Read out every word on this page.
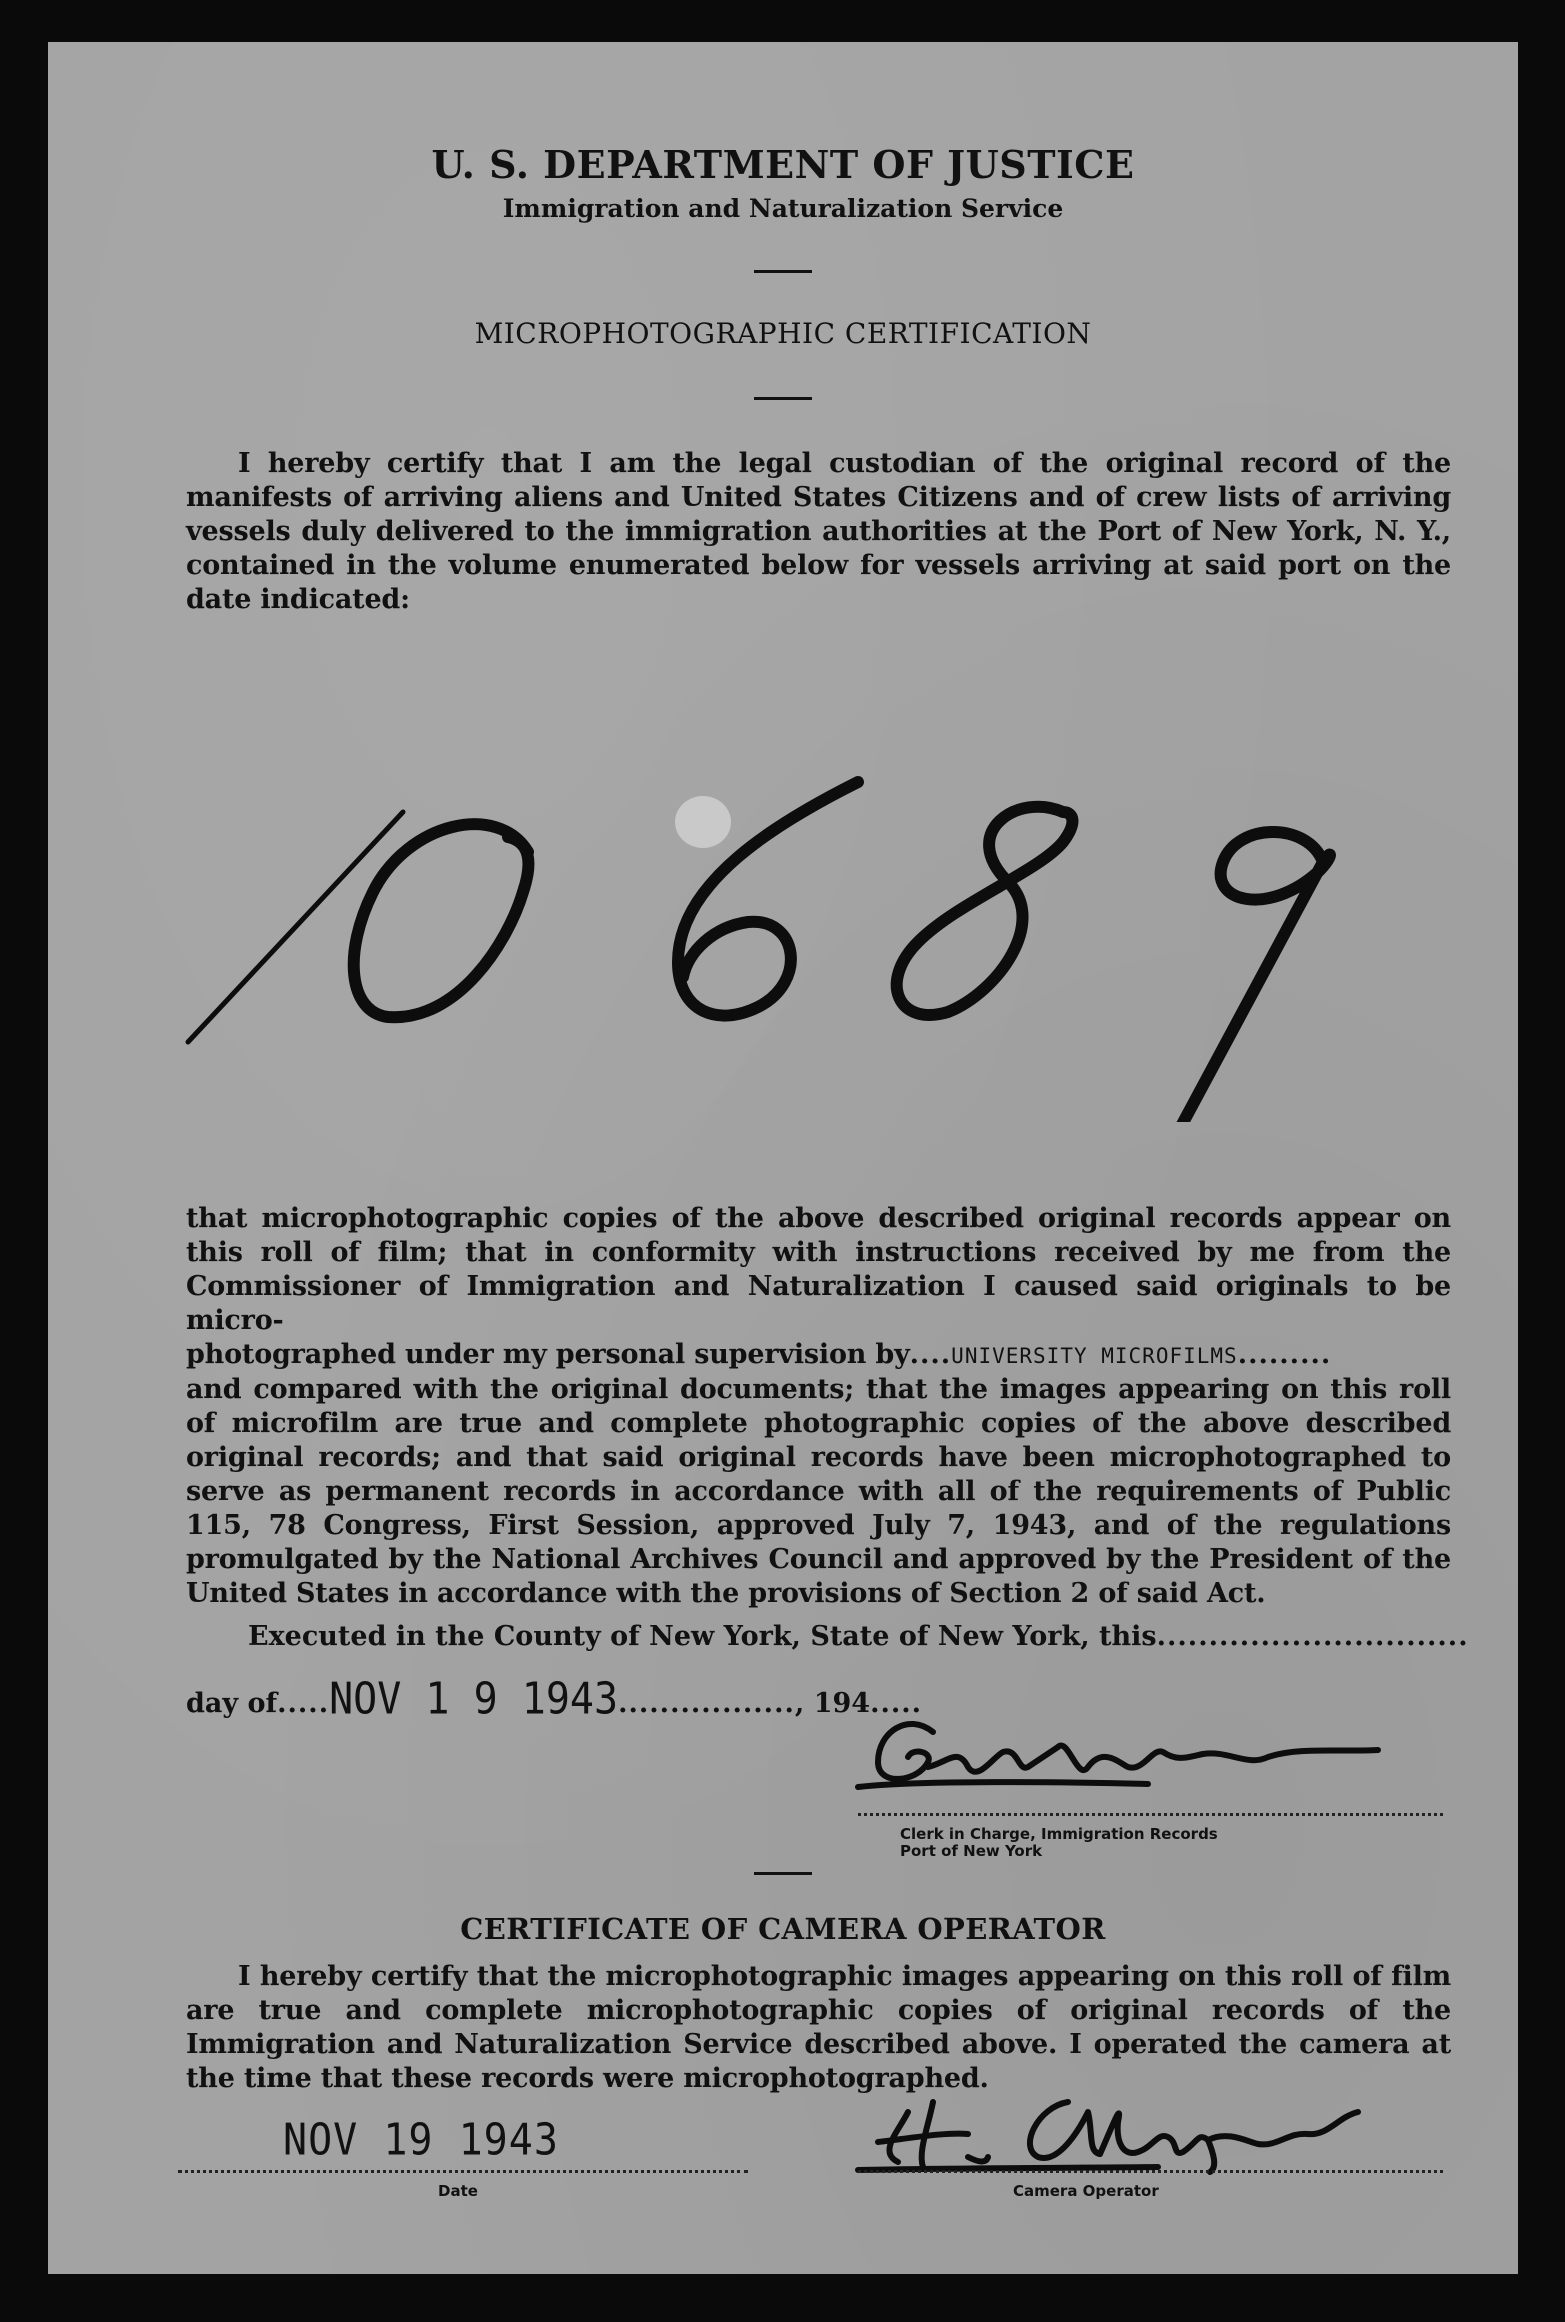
U. S. DEPARTMENT OF JUSTICE
Immigration and Naturalization Service
MICROPHOTOGRAPHIC CERTIFICATION
I hereby certify that I am the legal custodian of the original record of the manifests of arriving aliens and United States Citizens and of crew lists of arriving vessels duly delivered to the immigration authorities at the Port of New York, N. Y., contained in the volume enumerated below for vessels arriving at said port on the date indicated:
that microphotographic copies of the above described original records appear on this roll of film; that in conformity with instructions received by me from the Commissioner of Immigration and Naturalization I caused said originals to be micro-
photographed under my personal supervision by....UNIVERSITY MICROFILMS.........
and compared with the original documents; that the images appearing on this roll of microfilm are true and complete photographic copies of the above described original records; and that said original records have been microphotographed to serve as permanent records in accordance with all of the requirements of Public 115, 78 Congress, First Session, approved July 7, 1943, and of the regulations promulgated by the National Archives Council and approved by the President of the United States in accordance with the provisions of Section 2 of said Act.
Executed in the County of New York, State of New York, this..............................
day of.....NOV 1 9 1943................., 194.....
Clerk in Charge, Immigration Records
Port of New York
CERTIFICATE OF CAMERA OPERATOR
I hereby certify that the microphotographic images appearing on this roll of film are true and complete microphotographic copies of original records of the Immigration and Naturalization Service described above. I operated the camera at the time that these records were microphotographed.
NOV 19 1943
Date	Camera Operator
